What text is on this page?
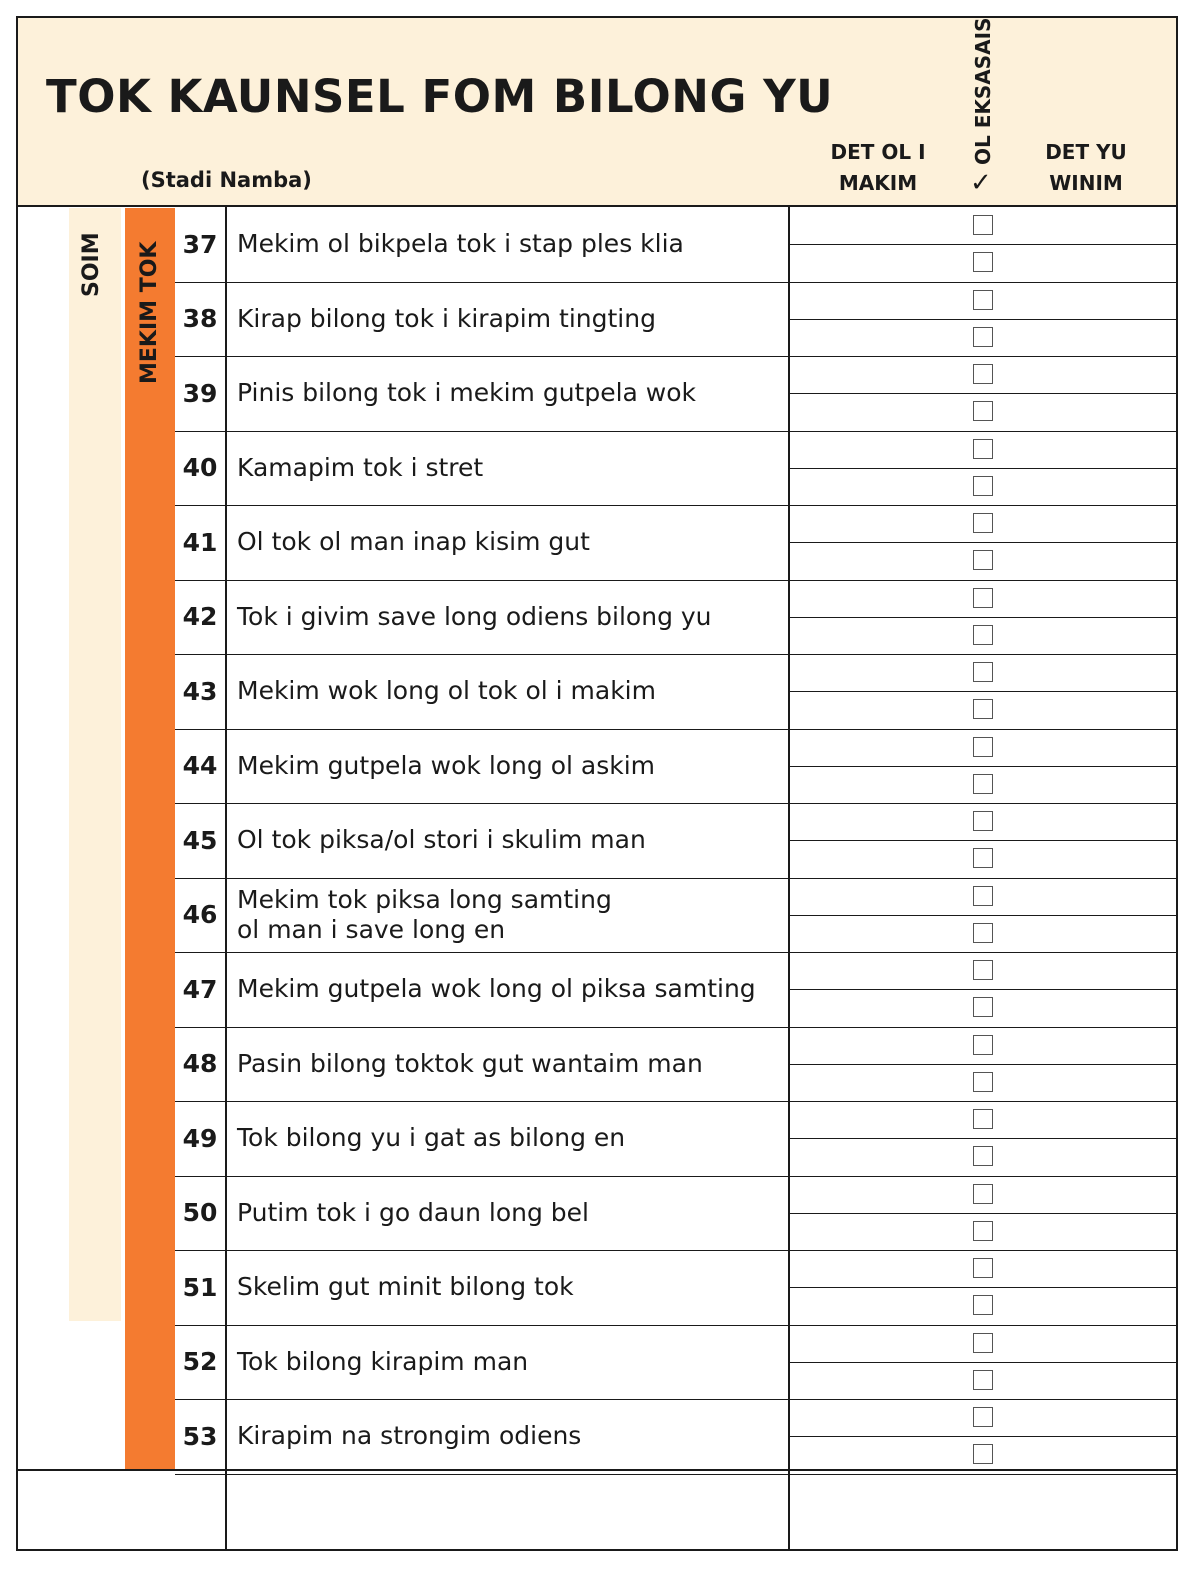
TOK KAUNSEL FOM BILONG YU
(Stadi Namba)
DET OL I
MAKIM
OL EKSASAIS
✓
DET YU
WINIM
SOIM MEKIM TOK 37 Mekim ol bikpela tok i stap ples klia
38 Kirap bilong tok i kirapim tingting
39 Pinis bilong tok i mekim gutpela wok
40 Kamapim tok i stret
41 Ol tok ol man inap kisim gut
42 Tok i givim save long odiens bilong yu
43 Mekim wok long ol tok ol i makim
44 Mekim gutpela wok long ol askim
45 Ol tok piksa/ol stori i skulim man
46
Mekim tok piksa long samting
ol man i save long en
47 Mekim gutpela wok long ol piksa samting
48 Pasin bilong toktok gut wantaim man
49 Tok bilong yu i gat as bilong en
50 Putim tok i go daun long bel
51 Skelim gut minit bilong tok
52 Tok bilong kirapim man
53 Kirapim na strongim odiens
